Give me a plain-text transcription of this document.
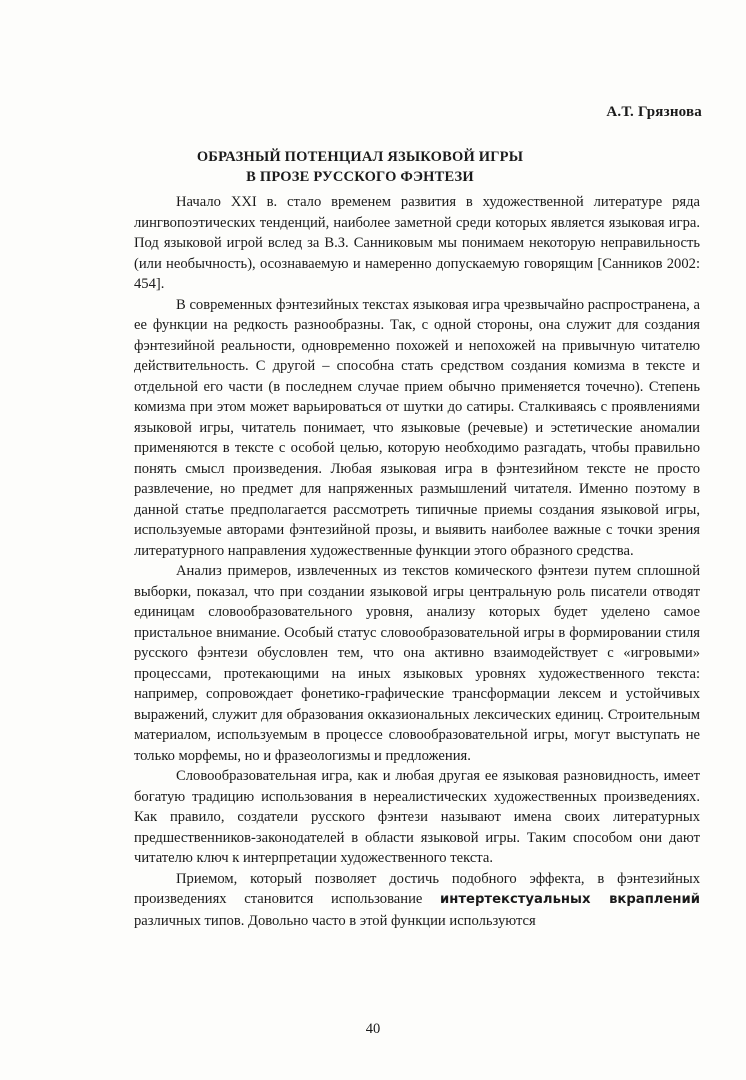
А.Т. Грязнова
ОБРАЗНЫЙ ПОТЕНЦИАЛ ЯЗЫКОВОЙ ИГРЫ
В ПРОЗЕ РУССКОГО ФЭНТЕЗИ

Начало XXI в. стало временем развития в художественной литературе ряда лингвопоэтических тенденций, наиболее заметной среди которых является языковая игра. Под языковой игрой вслед за В.З. Санниковым мы понимаем некоторую неправильность (или необычность), осознаваемую и намеренно допускаемую говорящим [Санников 2002: 454].

В современных фэнтезийных текстах языковая игра чрезвычайно распространена, а ее функции на редкость разнообразны. Так, с одной стороны, она служит для создания фэнтезийной реальности, одновременно похожей и непохожей на привычную читателю действительность. С другой – способна стать средством создания комизма в тексте и отдельной его части (в последнем случае прием обычно применяется точечно). Степень комизма при этом может варьироваться от шутки до сатиры. Сталкиваясь с проявлениями языковой игры, читатель понимает, что языковые (речевые) и эстетические аномалии применяются в тексте с особой целью, которую необходимо разгадать, чтобы правильно понять смысл произведения. Любая языковая игра в фэнтезийном тексте не просто развлечение, но предмет для напряженных размышлений читателя. Именно поэтому в данной статье предполагается рассмотреть типичные приемы создания языковой игры, используемые авторами фэнтезийной прозы, и выявить наиболее важные с точки зрения литературного направления художественные функции этого образного средства.

Анализ примеров, извлеченных из текстов комического фэнтези путем сплошной выборки, показал, что при создании языковой игры центральную роль писатели отводят единицам словообразовательного уровня, анализу которых будет уделено самое пристальное внимание. Особый статус словообразовательной игры в формировании стиля русского фэнтези обусловлен тем, что она активно взаимодействует с «игровыми» процессами, протекающими на иных языковых уровнях художественного текста: например, сопровождает фонетико-графические трансформации лексем и устойчивых выражений, служит для образования окказиональных лексических единиц. Строительным материалом, используемым в процессе словообразовательной игры, могут выступать не только морфемы, но и фразеологизмы и предложения.

Словообразовательная игра, как и любая другая ее языковая разновидность, имеет богатую традицию использования в нереалистических художественных произведениях. Как правило, создатели русского фэнтези называют имена своих литературных предшественников-законодателей в области языковой игры. Таким способом они дают читателю ключ к интерпретации художественного текста.

Приемом, который позволяет достичь подобного эффекта, в фэнтезийных произведениях становится использование интертекстуальных вкраплений различных типов. Довольно часто в этой функции используются

40
